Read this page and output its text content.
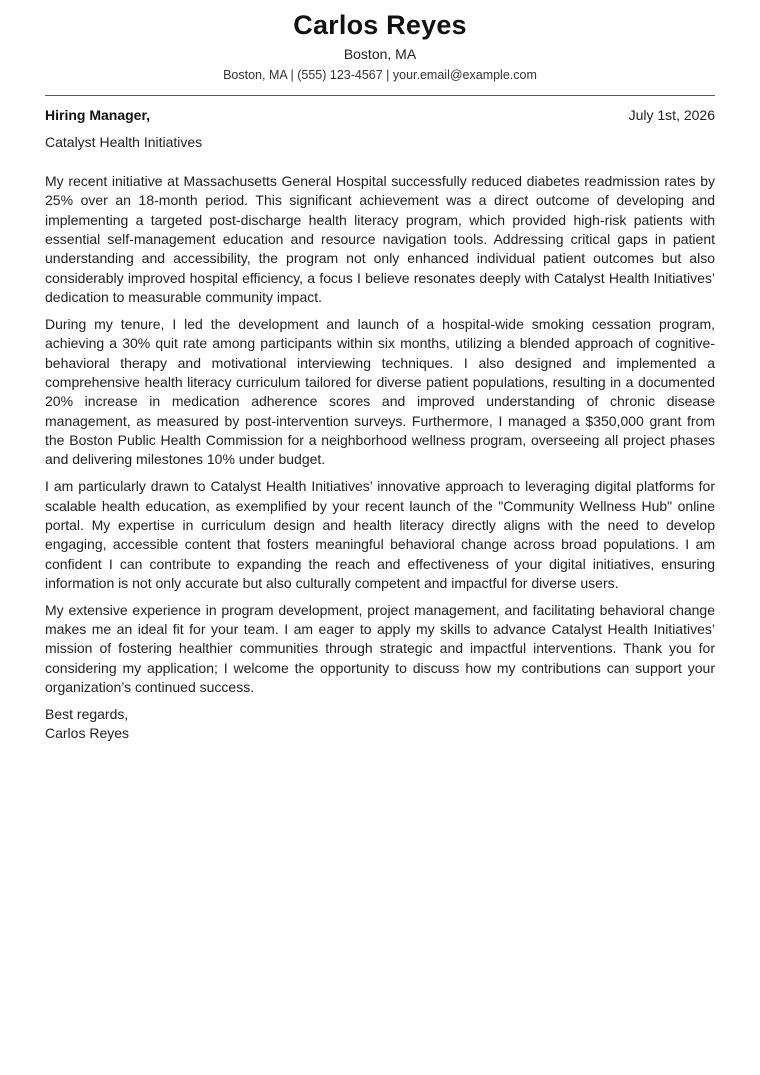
Carlos Reyes
Boston, MA
Boston, MA | (555) 123-4567 | your.email@example.com
Hiring Manager,	July 1st, 2026
Catalyst Health Initiatives

My recent initiative at Massachusetts General Hospital successfully reduced diabetes readmission rates by 25% over an 18-month period. This significant achievement was a direct outcome of developing and implementing a targeted post-discharge health literacy program, which provided high-risk patients with essential self-management education and resource navigation tools. Addressing critical gaps in patient understanding and accessibility, the program not only enhanced individual patient outcomes but also considerably improved hospital efficiency, a focus I believe resonates deeply with Catalyst Health Initiatives’ dedication to measurable community impact.

During my tenure, I led the development and launch of a hospital-wide smoking cessation program, achieving a 30% quit rate among participants within six months, utilizing a blended approach of cognitive-behavioral therapy and motivational interviewing techniques. I also designed and implemented a comprehensive health literacy curriculum tailored for diverse patient populations, resulting in a documented 20% increase in medication adherence scores and improved understanding of chronic disease management, as measured by post-intervention surveys. Furthermore, I managed a $350,000 grant from the Boston Public Health Commission for a neighborhood wellness program, overseeing all project phases and delivering milestones 10% under budget.

I am particularly drawn to Catalyst Health Initiatives’ innovative approach to leveraging digital platforms for scalable health education, as exemplified by your recent launch of the "Community Wellness Hub" online portal. My expertise in curriculum design and health literacy directly aligns with the need to develop engaging, accessible content that fosters meaningful behavioral change across broad populations. I am confident I can contribute to expanding the reach and effectiveness of your digital initiatives, ensuring information is not only accurate but also culturally competent and impactful for diverse users.

My extensive experience in program development, project management, and facilitating behavioral change makes me an ideal fit for your team. I am eager to apply my skills to advance Catalyst Health Initiatives’ mission of fostering healthier communities through strategic and impactful interventions. Thank you for considering my application; I welcome the opportunity to discuss how my contributions can support your organization’s continued success.

Best regards,
Carlos Reyes
